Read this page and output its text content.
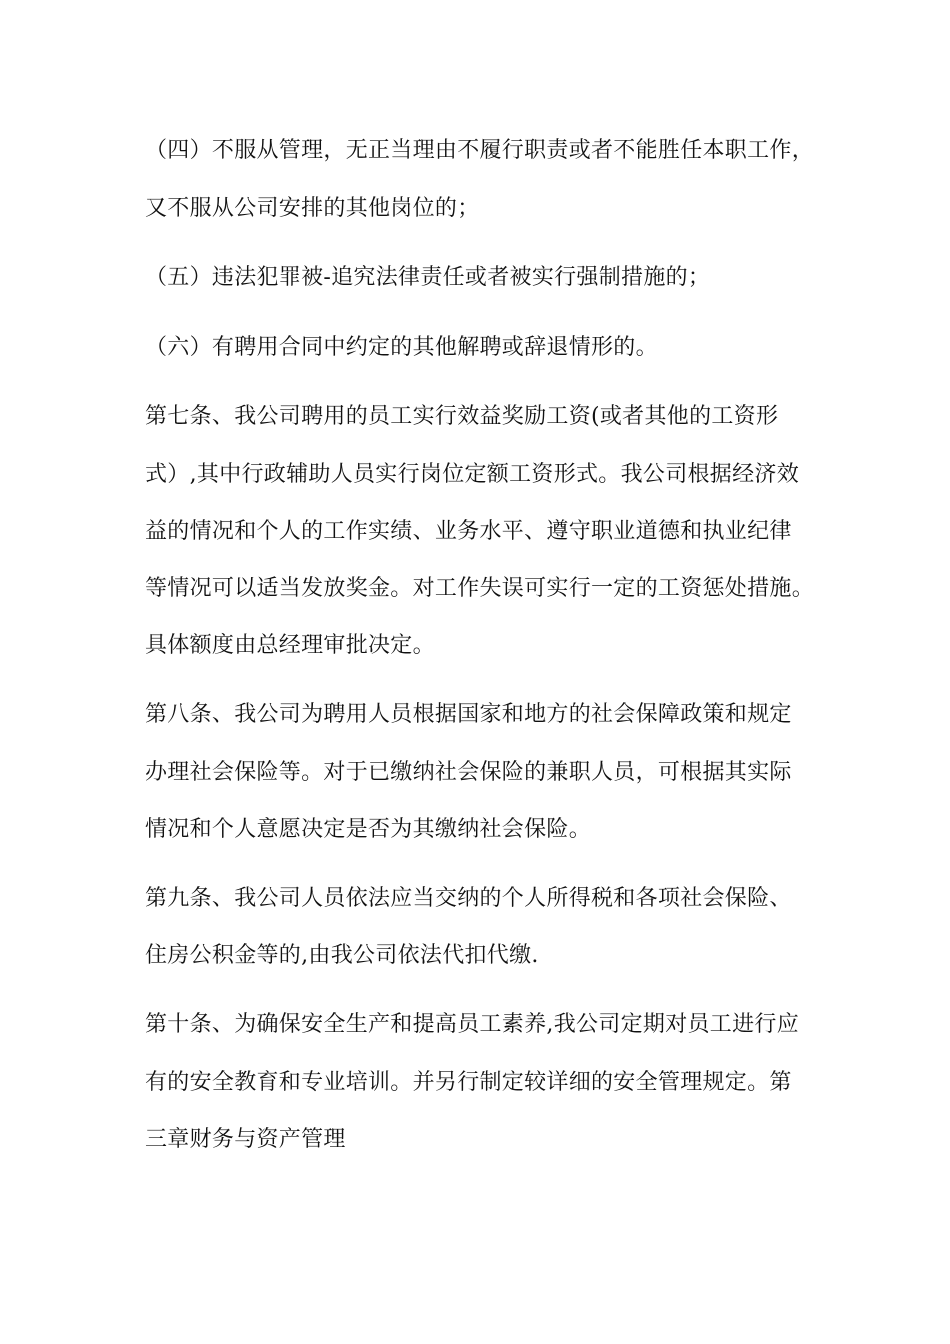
（四）不服从管理，无正当理由不履行职责或者不能胜任本职工作，
又不服从公司安排的其他岗位的；
（五）违法犯罪被-追究法律责任或者被实行强制措施的；
（六）有聘用合同中约定的其他解聘或辞退情形的。
第七条、我公司聘用的员工实行效益奖励工资(或者其他的工资形
式）,其中行政辅助人员实行岗位定额工资形式。我公司根据经济效
益的情况和个人的工作实绩、业务水平、遵守职业道德和执业纪律
等情况可以适当发放奖金。对工作失误可实行一定的工资惩处措施。
具体额度由总经理审批决定。
第八条、我公司为聘用人员根据国家和地方的社会保障政策和规定
办理社会保险等。对于已缴纳社会保险的兼职人员，可根据其实际
情况和个人意愿决定是否为其缴纳社会保险。
第九条、我公司人员依法应当交纳的个人所得税和各项社会保险、
住房公积金等的,由我公司依法代扣代缴.
第十条、为确保安全生产和提高员工素养,我公司定期对员工进行应
有的安全教育和专业培训。并另行制定较详细的安全管理规定。第
三章财务与资产管理
